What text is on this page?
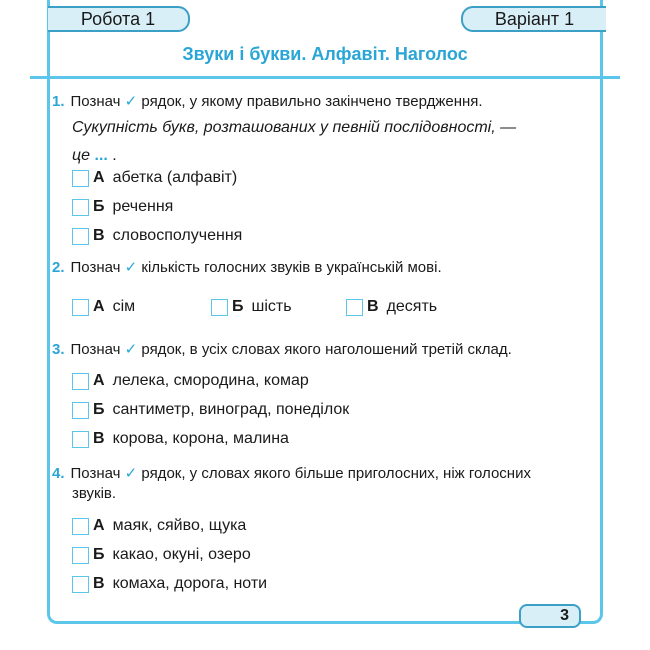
Робота 1	Варіант 1
Звуки і букви. Алфавіт. Наголос
1. Познач ✓ рядок, у якому правильно закінчено твердження.
Сукупність букв, розташованих у певній послідовності, —
це ... .
А абетка (алфавіт)
Б речення
В словосполучення
2. Познач ✓ кількість голосних звуків в українській мові.
А сім	Б шість	В десять
3. Познач ✓ рядок, в усіх словах якого наголошений третій склад.
А лелека, смородина, комар
Б сантиметр, виноград, понеділок
В корова, корона, малина
4. Познач ✓ рядок, у словах якого більше приголосних, ніж голосних
звуків.
А маяк, сяйво, щука
Б какао, окуні, озеро
В комаха, дорога, ноти
3
